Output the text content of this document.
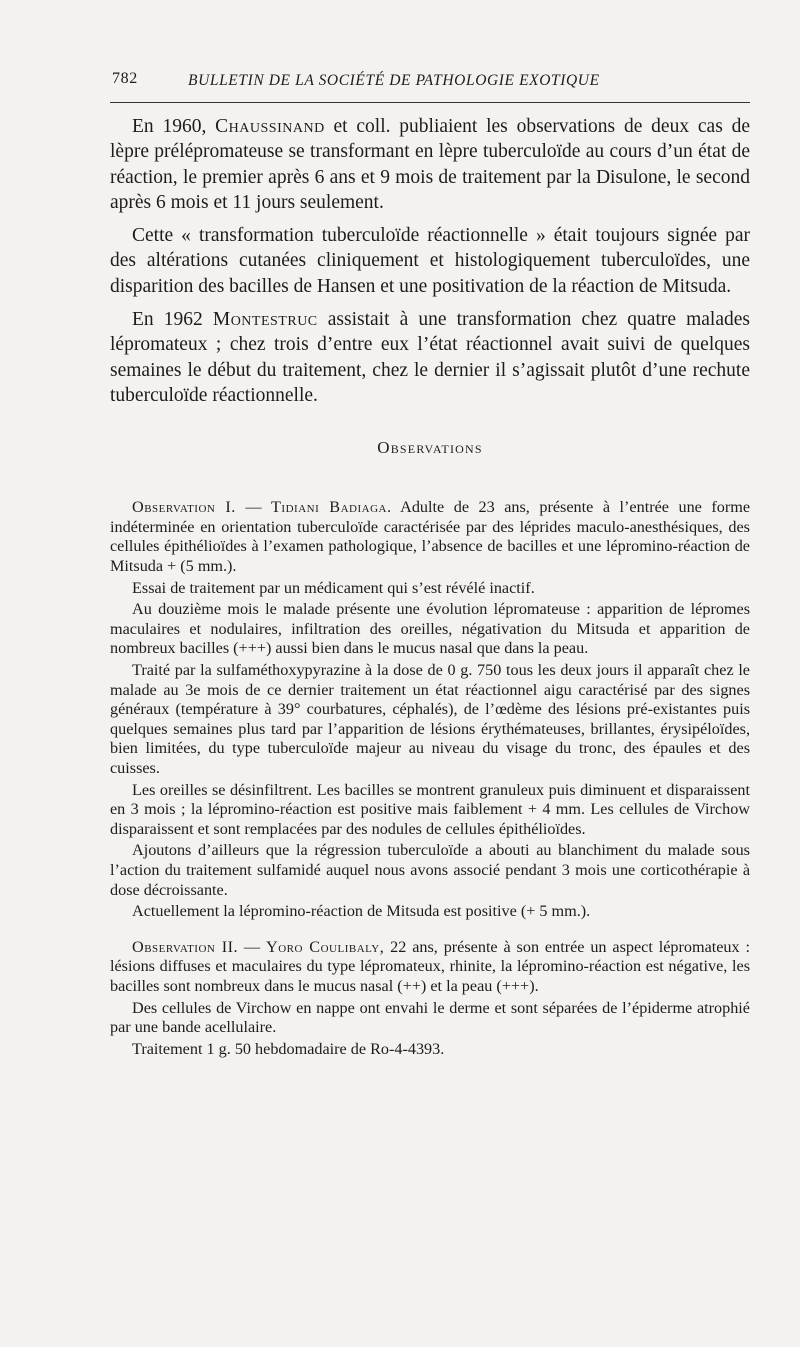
782	BULLETIN DE LA SOCIÉTÉ DE PATHOLOGIE EXOTIQUE

En 1960, Chaussinand et coll. publiaient les observations de deux cas de lèpre prélépromateuse se transformant en lèpre tuberculoïde au cours d’un état de réaction, le premier après 6 ans et 9 mois de traitement par la Disulone, le second après 6 mois et 11 jours seulement.

Cette « transformation tuberculoïde réactionnelle » était toujours signée par des altérations cutanées cliniquement et histologiquement tuberculoïdes, une disparition des bacilles de Hansen et une positivation de la réaction de Mitsuda.

En 1962 Montestruc assistait à une transformation chez quatre malades lépromateux ; chez trois d’entre eux l’état réactionnel avait suivi de quelques semaines le début du traitement, chez le dernier il s’agissait plutôt d’une rechute tuberculoïde réactionnelle.

Observations

Observation I. — Tidiani Badiaga. Adulte de 23 ans, présente à l’entrée une forme indéterminée en orientation tuberculoïde caractérisée par des léprides maculo-anesthésiques, des cellules épithélioïdes à l’examen pathologique, l’absence de bacilles et une lépromino-réaction de Mitsuda + (5 mm.).

Essai de traitement par un médicament qui s’est révélé inactif.

Au douzième mois le malade présente une évolution lépromateuse : apparition de lépromes maculaires et nodulaires, infiltration des oreilles, négativation du Mitsuda et apparition de nombreux bacilles (+++) aussi bien dans le mucus nasal que dans la peau.

Traité par la sulfaméthoxypyrazine à la dose de 0 g. 750 tous les deux jours il apparaît chez le malade au 3e mois de ce dernier traitement un état réactionnel aigu caractérisé par des signes généraux (température à 39° courbatures, céphalés), de l’œdème des lésions pré-existantes puis quelques semaines plus tard par l’apparition de lésions érythémateuses, brillantes, érysipéloïdes, bien limitées, du type tuberculoïde majeur au niveau du visage du tronc, des épaules et des cuisses.

Les oreilles se désinfiltrent. Les bacilles se montrent granuleux puis diminuent et disparaissent en 3 mois ; la lépromino-réaction est positive mais faiblement + 4 mm. Les cellules de Virchow disparaissent et sont remplacées par des nodules de cellules épithélioïdes.

Ajoutons d’ailleurs que la régression tuberculoïde a abouti au blanchiment du malade sous l’action du traitement sulfamidé auquel nous avons associé pendant 3 mois une corticothérapie à dose décroissante.

Actuellement la lépromino-réaction de Mitsuda est positive (+ 5 mm.).

Observation II. — Yoro Coulibaly, 22 ans, présente à son entrée un aspect lépromateux : lésions diffuses et maculaires du type lépromateux, rhinite, la lépromino-réaction est négative, les bacilles sont nombreux dans le mucus nasal (++) et la peau (+++).

Des cellules de Virchow en nappe ont envahi le derme et sont séparées de l’épiderme atrophié par une bande acellulaire.

Traitement 1 g. 50 hebdomadaire de Ro-4-4393.
